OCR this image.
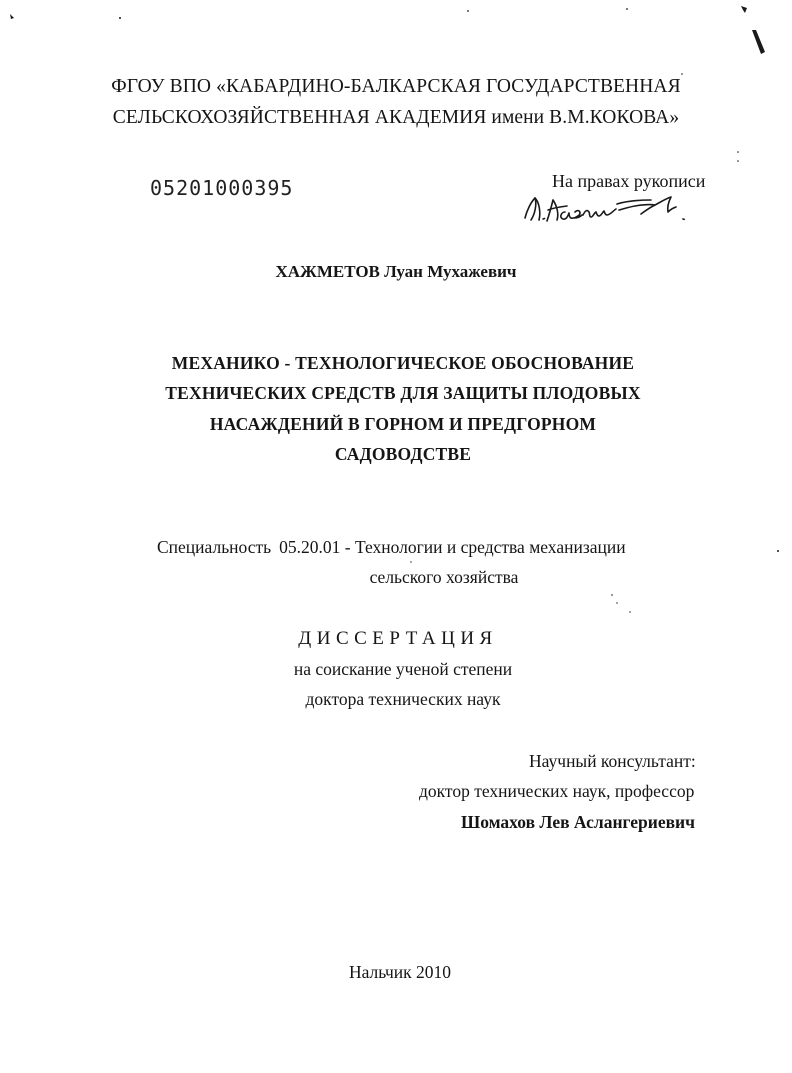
ФГОУ ВПО «КАБАРДИНО-БАЛКАРСКАЯ ГОСУДАРСТВЕННАЯ
СЕЛЬСКОХОЗЯЙСТВЕННАЯ АКАДЕМИЯ имени В.М.КОКОВА»
05201000395	На правах рукописи
ХАЖМЕТОВ Луан Мухажевич
МЕХАНИКО - ТЕХНОЛОГИЧЕСКОЕ ОБОСНОВАНИЕ
ТЕХНИЧЕСКИХ СРЕДСТВ ДЛЯ ЗАЩИТЫ ПЛОДОВЫХ
НАСАЖДЕНИЙ В ГОРНОМ И ПРЕДГОРНОМ
САДОВОДСТВЕ
Специальность 05.20.01 - Технологии и средства механизации
сельского хозяйства
ДИССЕРТАЦИЯ
на соискание ученой степени
доктора технических наук
Научный консультант:
доктор технических наук, профессор
Шомахов Лев Аслангериевич
Нальчик 2010
